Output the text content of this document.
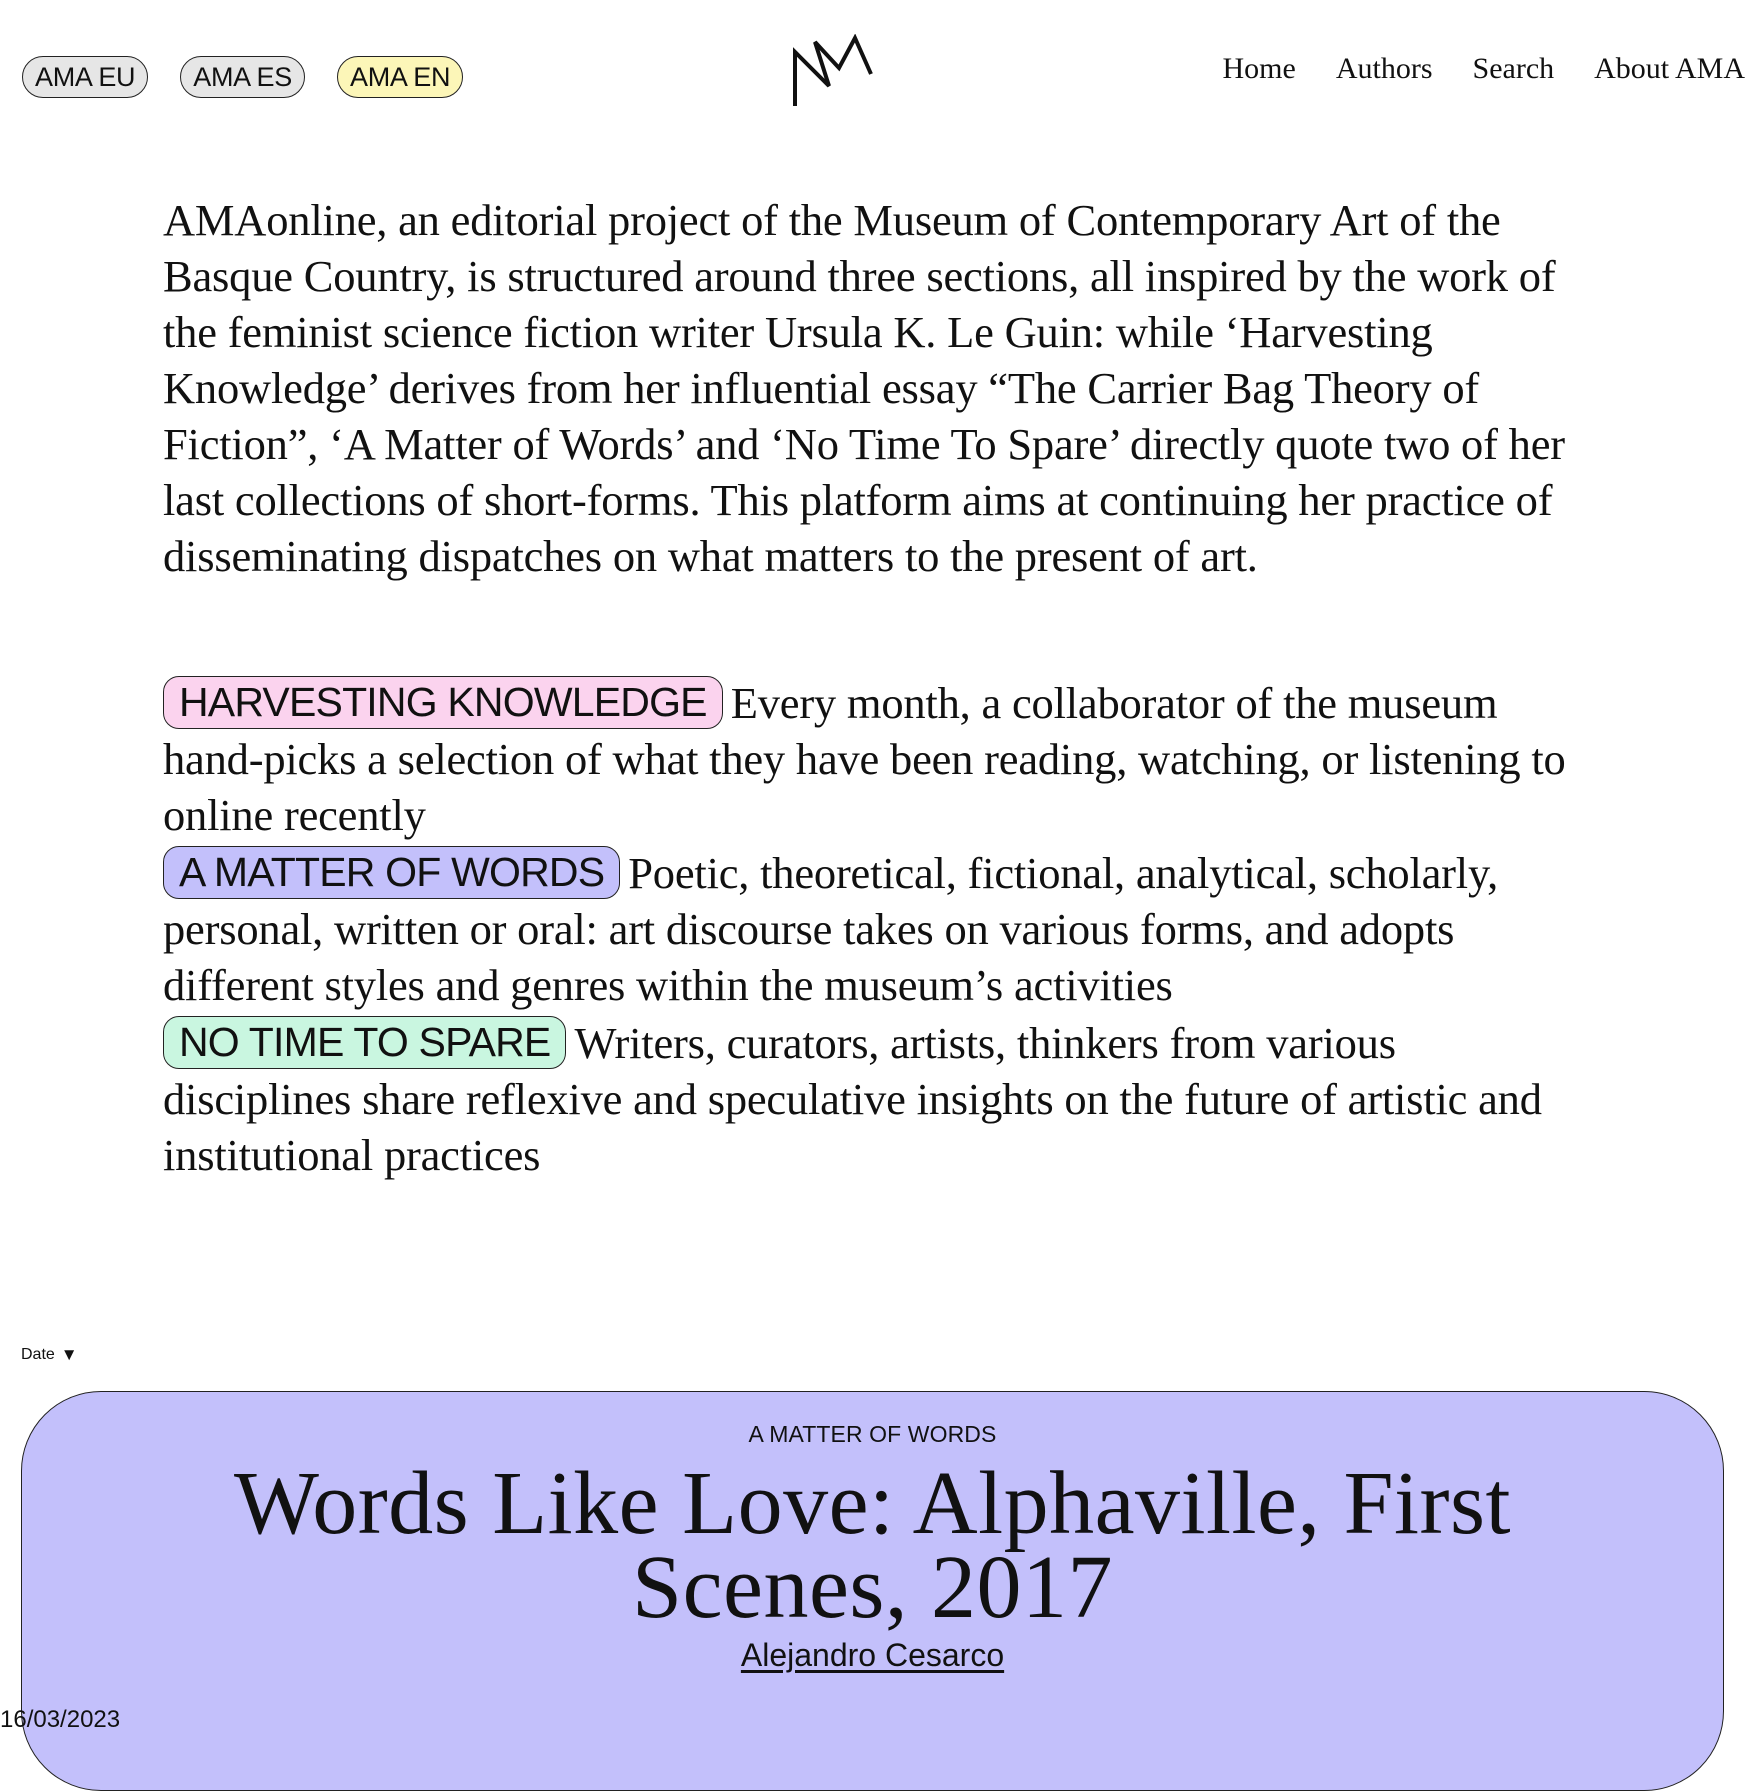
AMA EU	AMA ES	AMA EN	Home Authors Search About AMA

AMAonline, an editorial project of the Museum of Contemporary Art of the Basque Country, is structured around three sections, all inspired by the work of the feminist science fiction writer Ursula K. Le Guin: while ‘Harvesting Knowledge’ derives from her influential essay “The Carrier Bag Theory of Fiction”, ‘A Matter of Words’ and ‘No Time To Spare’ directly quote two of her last collections of short-forms. This platform aims at continuing her practice of disseminating dispatches on what matters to the present of art.

HARVESTING KNOWLEDGE Every month, a collaborator of the museum hand-picks a selection of what they have been reading, watching, or listening to online recently

A MATTER OF WORDS Poetic, theoretical, fictional, analytical, scholarly, personal, written or oral: art discourse takes on various forms, and adopts different styles and genres within the museum’s activities

NO TIME TO SPARE Writers, curators, artists, thinkers from various disciplines share reflexive and speculative insights on the future of artistic and institutional practices

Date ▼
A MATTER OF WORDS
Words Like Love: Alphaville, First Scenes, 2017
Alejandro Cesarco
16/03/2023
